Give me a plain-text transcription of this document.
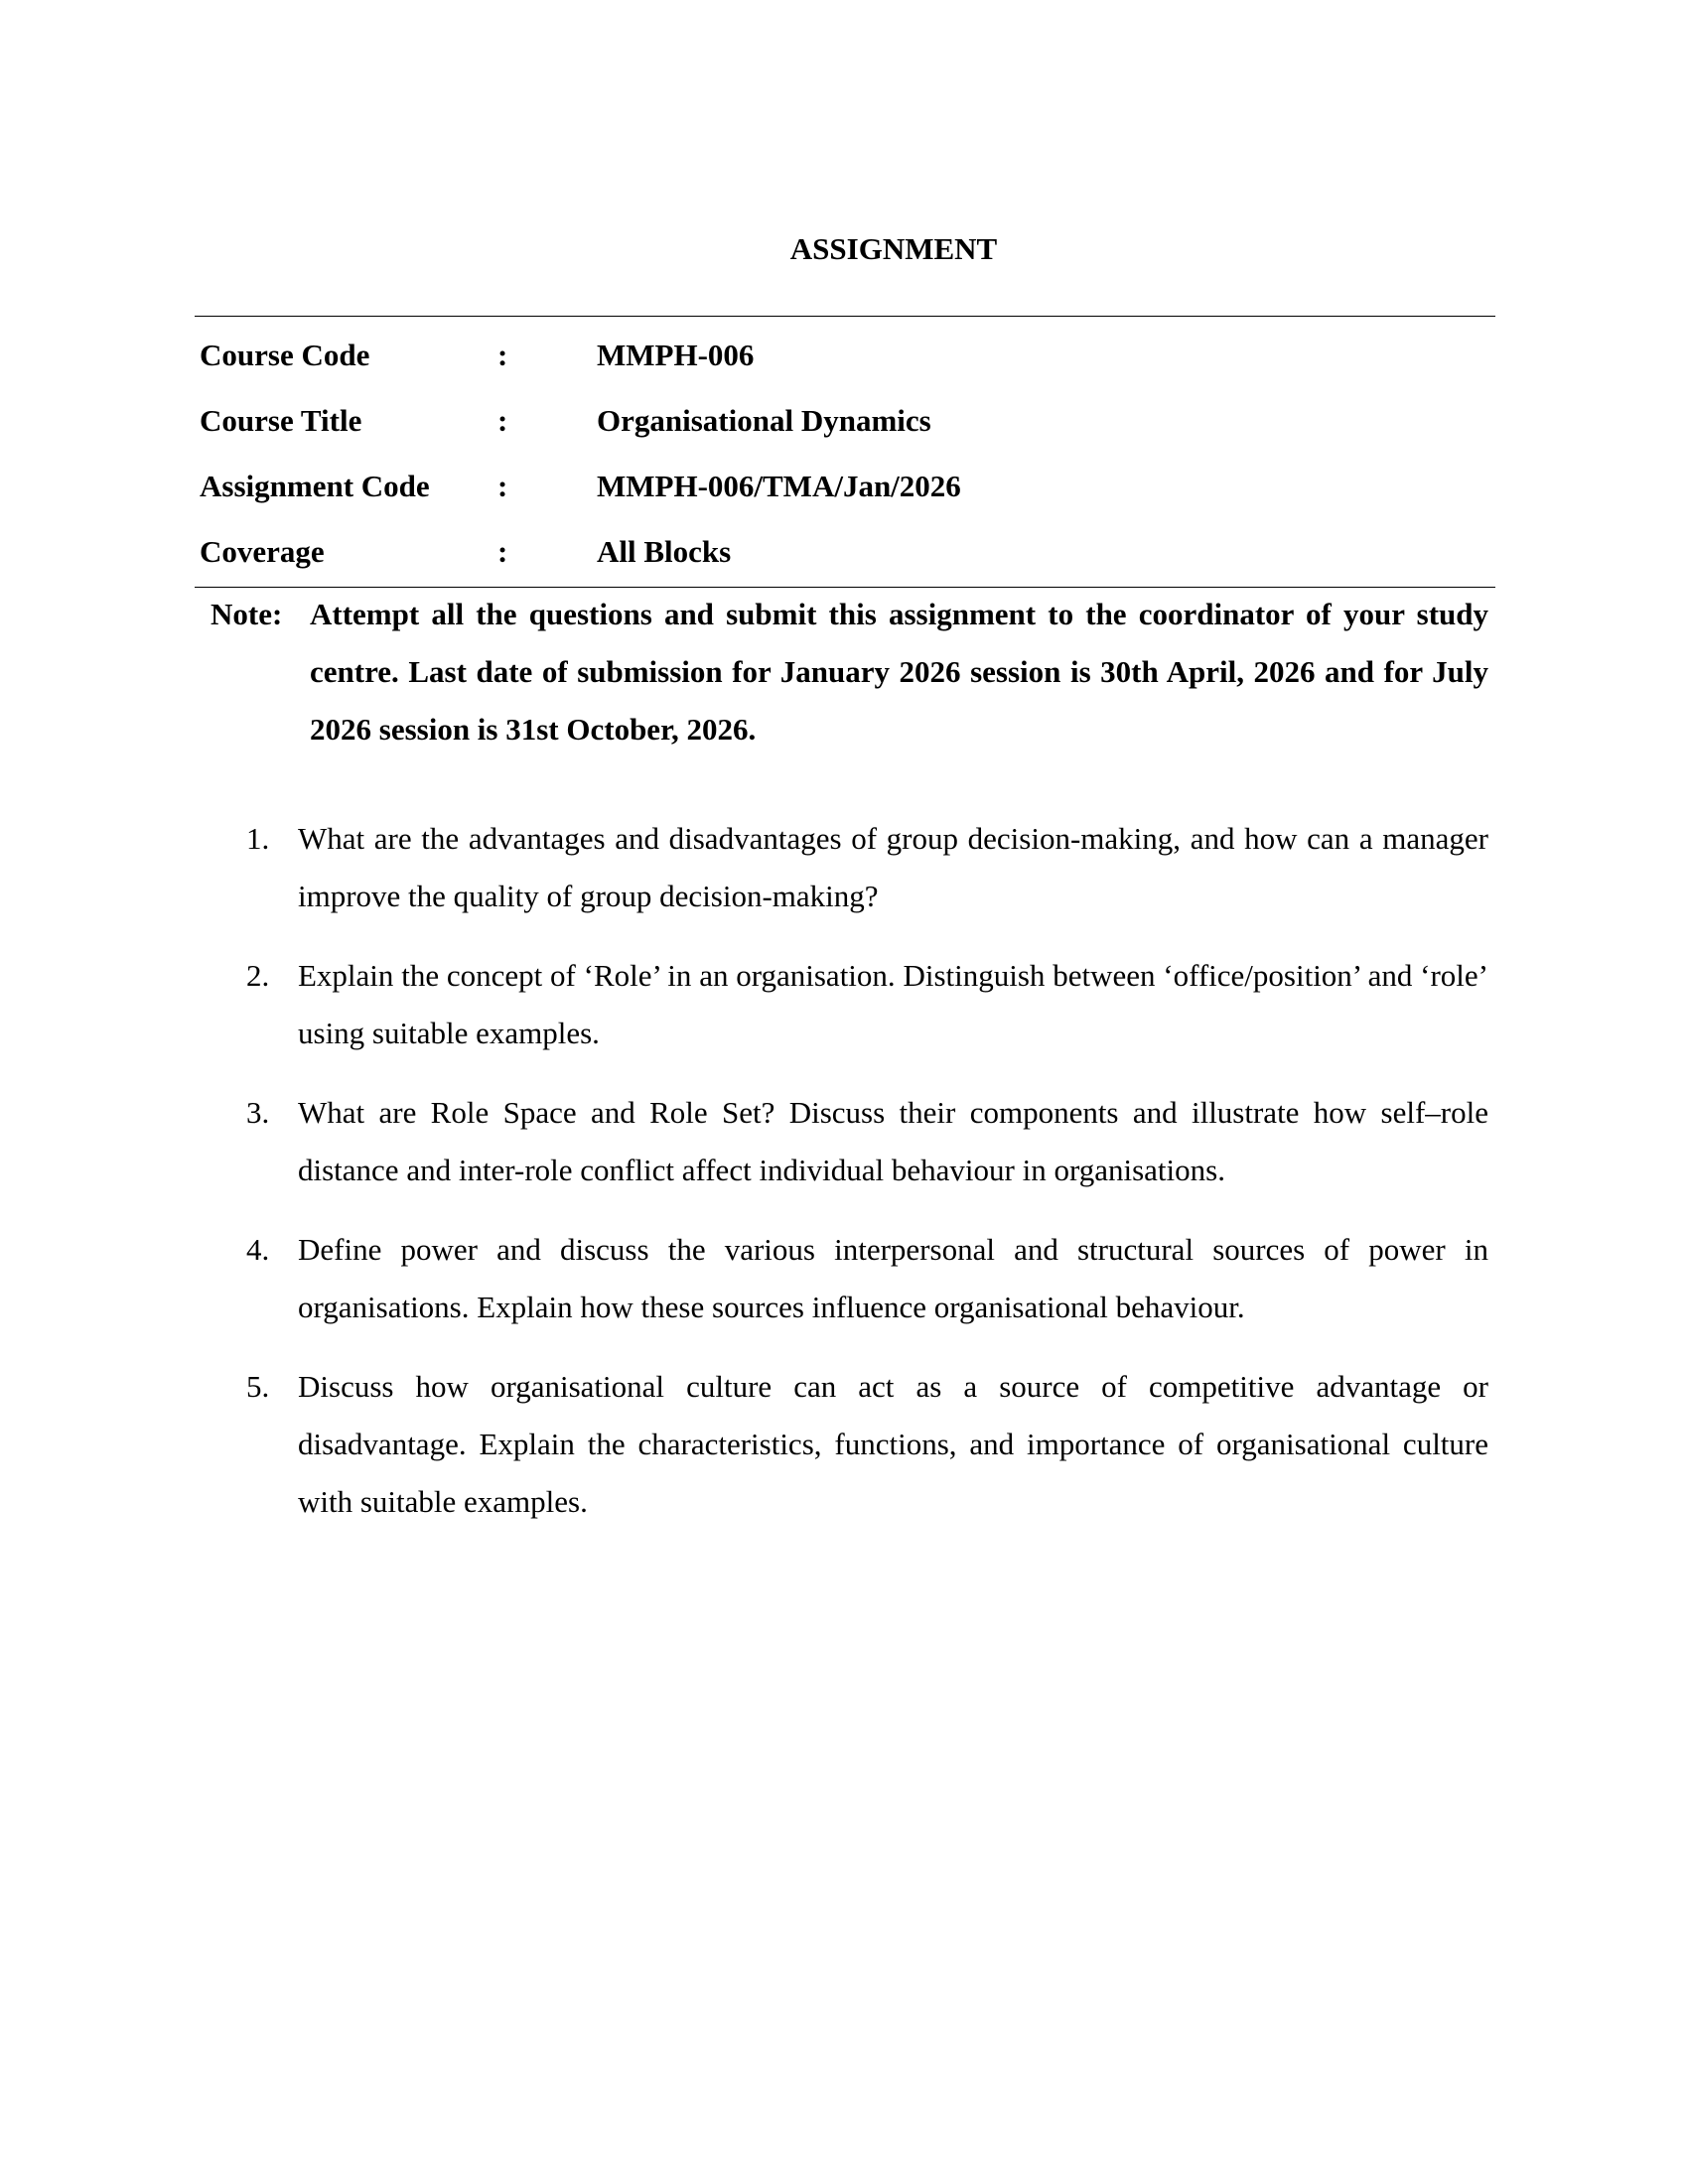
ASSIGNMENT
Course Code	:	MMPH-006
Course Title	:	Organisational Dynamics
Assignment Code	:	MMPH-006/TMA/Jan/2026
Coverage	:	All Blocks
Note: Attempt all the questions and submit this assignment to the coordinator of your study centre. Last date of submission for January 2026 session is 30th April, 2026 and for July 2026 session is 31st October, 2026.
1. What are the advantages and disadvantages of group decision-making, and how can a manager improve the quality of group decision-making?
2. Explain the concept of ‘Role’ in an organisation. Distinguish between ‘office/position’ and ‘role’ using suitable examples.
3. What are Role Space and Role Set? Discuss their components and illustrate how self–role distance and inter-role conflict affect individual behaviour in organisations.
4. Define power and discuss the various interpersonal and structural sources of power in organisations. Explain how these sources influence organisational behaviour.
5. Discuss how organisational culture can act as a source of competitive advantage or disadvantage. Explain the characteristics, functions, and importance of organisational culture with suitable examples.
